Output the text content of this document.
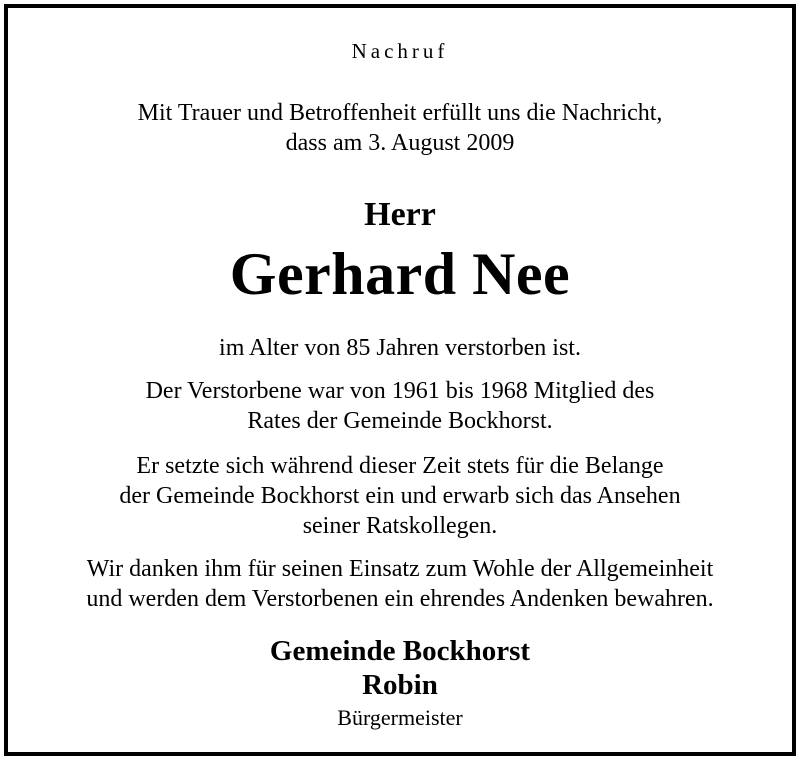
Nachruf
Mit Trauer und Betroffenheit erfüllt uns die Nachricht,
dass am 3. August 2009
Herr
Gerhard Nee
im Alter von 85 Jahren verstorben ist.
Der Verstorbene war von 1961 bis 1968 Mitglied des
Rates der Gemeinde Bockhorst.
Er setzte sich während dieser Zeit stets für die Belange
der Gemeinde Bockhorst ein und erwarb sich das Ansehen
seiner Ratskollegen.
Wir danken ihm für seinen Einsatz zum Wohle der Allgemeinheit
und werden dem Verstorbenen ein ehrendes Andenken bewahren.
Gemeinde Bockhorst
Robin
Bürgermeister
